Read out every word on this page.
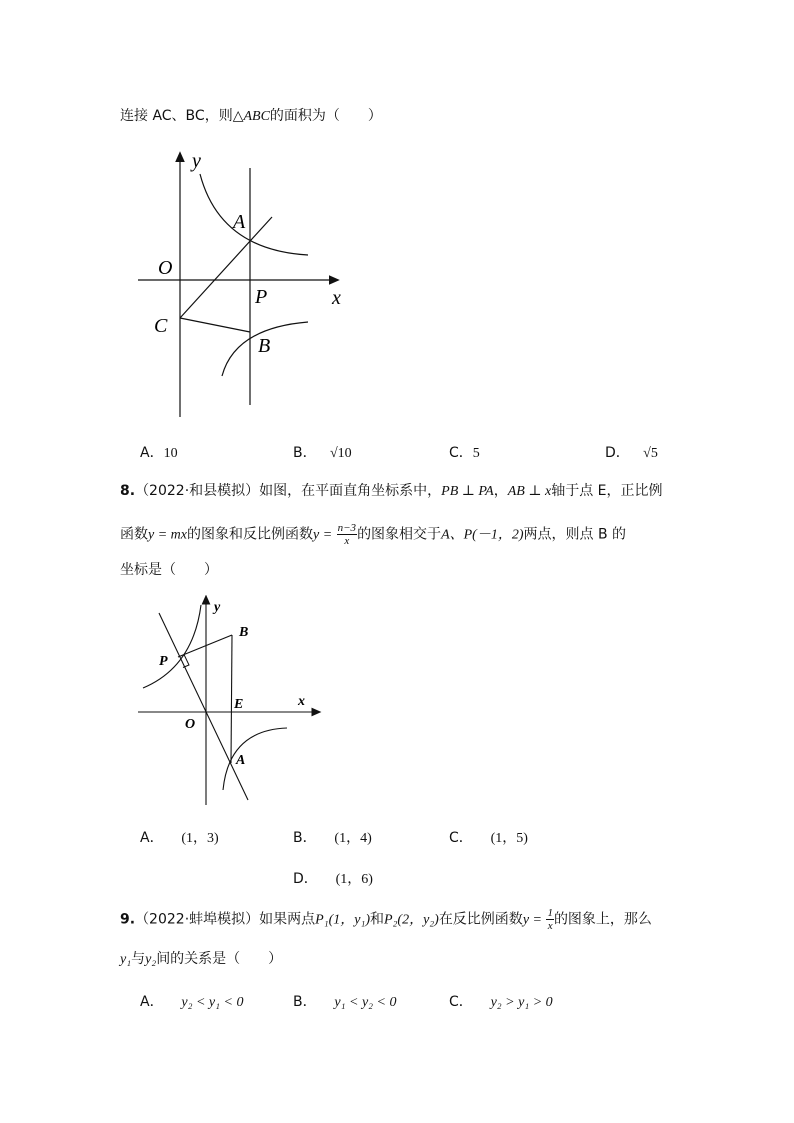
连接 AC、BC，则△ABC的面积为（　　）
y
x
O
A
P
C
B
A．10	B． √10	C．5	D． √5
8.（2022·和县模拟）如图，在平面直角坐标系中，PB ⊥ PA，AB ⊥ x轴于点 E，正比例
函数y = mx的图象和反比例函数$y = \frac{n-3}{x}$ 的图象相交于A、P(－1，2)两点，则点 B 的
坐标是（　　）
y
x
O
P
B
E
A
A． (1，3)	B． (1，4)	C． (1，5)
D． (1，6)
9.（2022·蚌埠模拟）如果两点P₁(1，y₁)和P₂(2，y₂)在反比例函数$y = \frac{1}{x}$ 的图象上，那么
y₁与y₂间的关系是（　　）
A． y₂ < y₁ < 0	B． y₁ < y₂ < 0	C． y₂ > y₁ > 0
